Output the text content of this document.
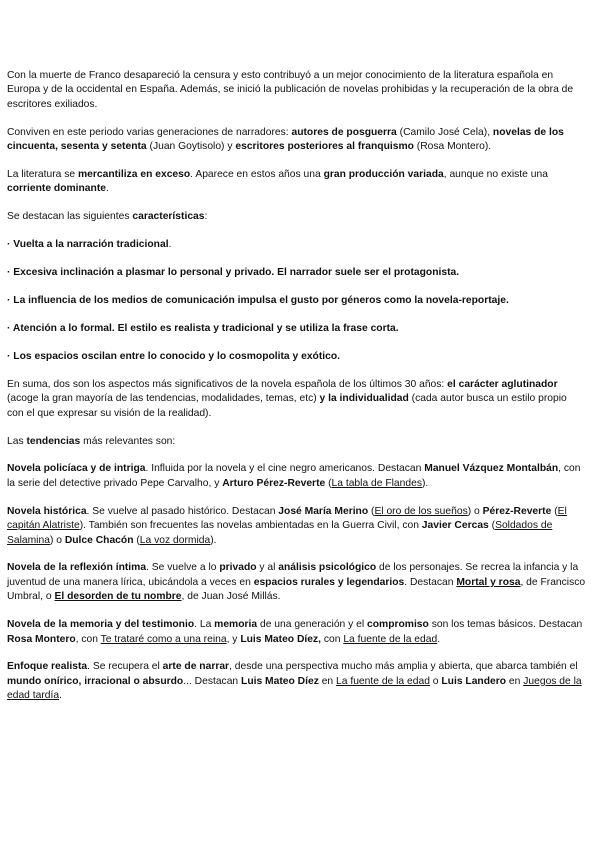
Con la muerte de Franco desapareció la censura y esto contribuyó a un mejor conocimiento de la literatura española en Europa y de la occidental en España. Además, se inició la publicación de novelas prohibidas y la recuperación de la obra de escritores exiliados.

Conviven en este periodo varias generaciones de narradores: autores de posguerra (Camilo José Cela), novelas de los cincuenta, sesenta y setenta (Juan Goytisolo) y escritores posteriores al franquismo (Rosa Montero).

La literatura se mercantiliza en exceso. Aparece en estos años una gran producción variada, aunque no existe una corriente dominante.

Se destacan las siguientes características:

· Vuelta a la narración tradicional.

· Excesiva inclinación a plasmar lo personal y privado. El narrador suele ser el protagonista.

· La influencia de los medios de comunicación impulsa el gusto por géneros como la novela-reportaje.

· Atención a lo formal. El estilo es realista y tradicional y se utiliza la frase corta.

· Los espacios oscilan entre lo conocido y lo cosmopolita y exótico.

En suma, dos son los aspectos más significativos de la novela española de los últimos 30 años: el carácter aglutinador (acoge la gran mayoría de las tendencias, modalidades, temas, etc) y la individualidad (cada autor busca un estilo propio con el que expresar su visión de la realidad).

Las tendencias más relevantes son:

Novela policíaca y de intriga. Influida por la novela y el cine negro americanos. Destacan Manuel Vázquez Montalbán, con la serie del detective privado Pepe Carvalho, y Arturo Pérez-Reverte (La tabla de Flandes).

Novela histórica. Se vuelve al pasado histórico. Destacan José María Merino (El oro de los sueños) o Pérez-Reverte (El capitán Alatriste). También son frecuentes las novelas ambientadas en la Guerra Civil, con Javier Cercas (Soldados de Salamina) o Dulce Chacón (La voz dormida).

Novela de la reflexión íntima. Se vuelve a lo privado y al análisis psicológico de los personajes. Se recrea la infancia y la juventud de una manera lírica, ubicándola a veces en espacios rurales y legendarios. Destacan Mortal y rosa, de Francisco Umbral, o El desorden de tu nombre, de Juan José Millás.

Novela de la memoria y del testimonio. La memoria de una generación y el compromiso son los temas básicos. Destacan Rosa Montero, con Te trataré como a una reina, y Luis Mateo Díez, con La fuente de la edad.

Enfoque realista. Se recupera el arte de narrar, desde una perspectiva mucho más amplia y abierta, que abarca también el mundo onírico, irracional o absurdo... Destacan Luis Mateo Díez en La fuente de la edad o Luis Landero en Juegos de la edad tardía.
